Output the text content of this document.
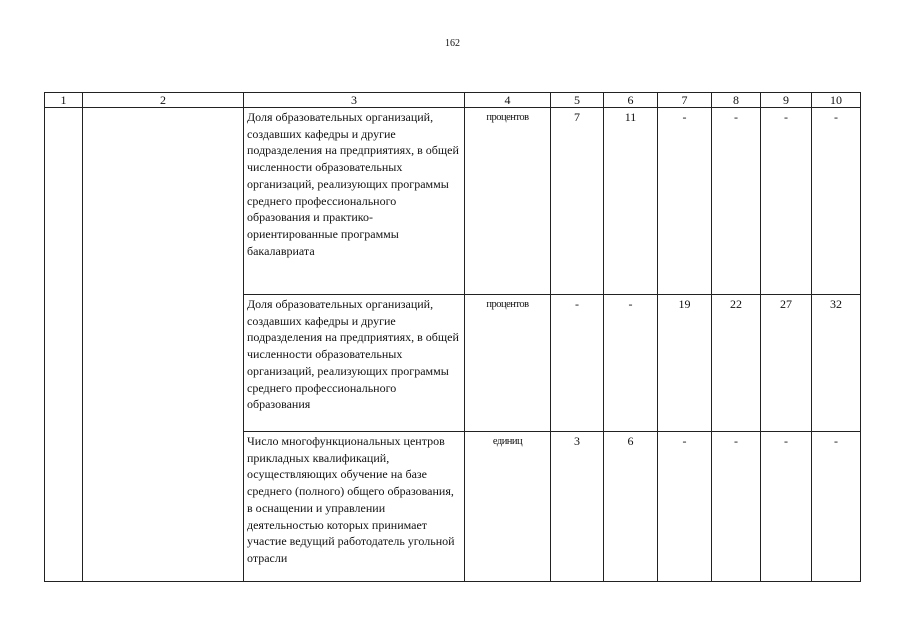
162
1	2	3	4	5	6	7	8	9	10
		Доля образовательных организаций, создавших кафедры и другие подразделения на предприятиях, в общей численности образовательных организаций, реализующих программы среднего профессионального образования и практико-ориентированные программы бакалавриата	процентов	7	11	-	-	-	-
		Доля образовательных организаций, создавших кафедры и другие подразделения на предприятиях, в общей численности образовательных организаций, реализующих программы среднего профессионального образования	процентов	-	-	19	22	27	32
		Число многофункциональных центров прикладных квалификаций, осуществляющих обучение на базе среднего (полного) общего образования, в оснащении и управлении деятельностью которых принимает участие ведущий работодатель угольной отрасли	единиц	3	6	-	-	-	-
